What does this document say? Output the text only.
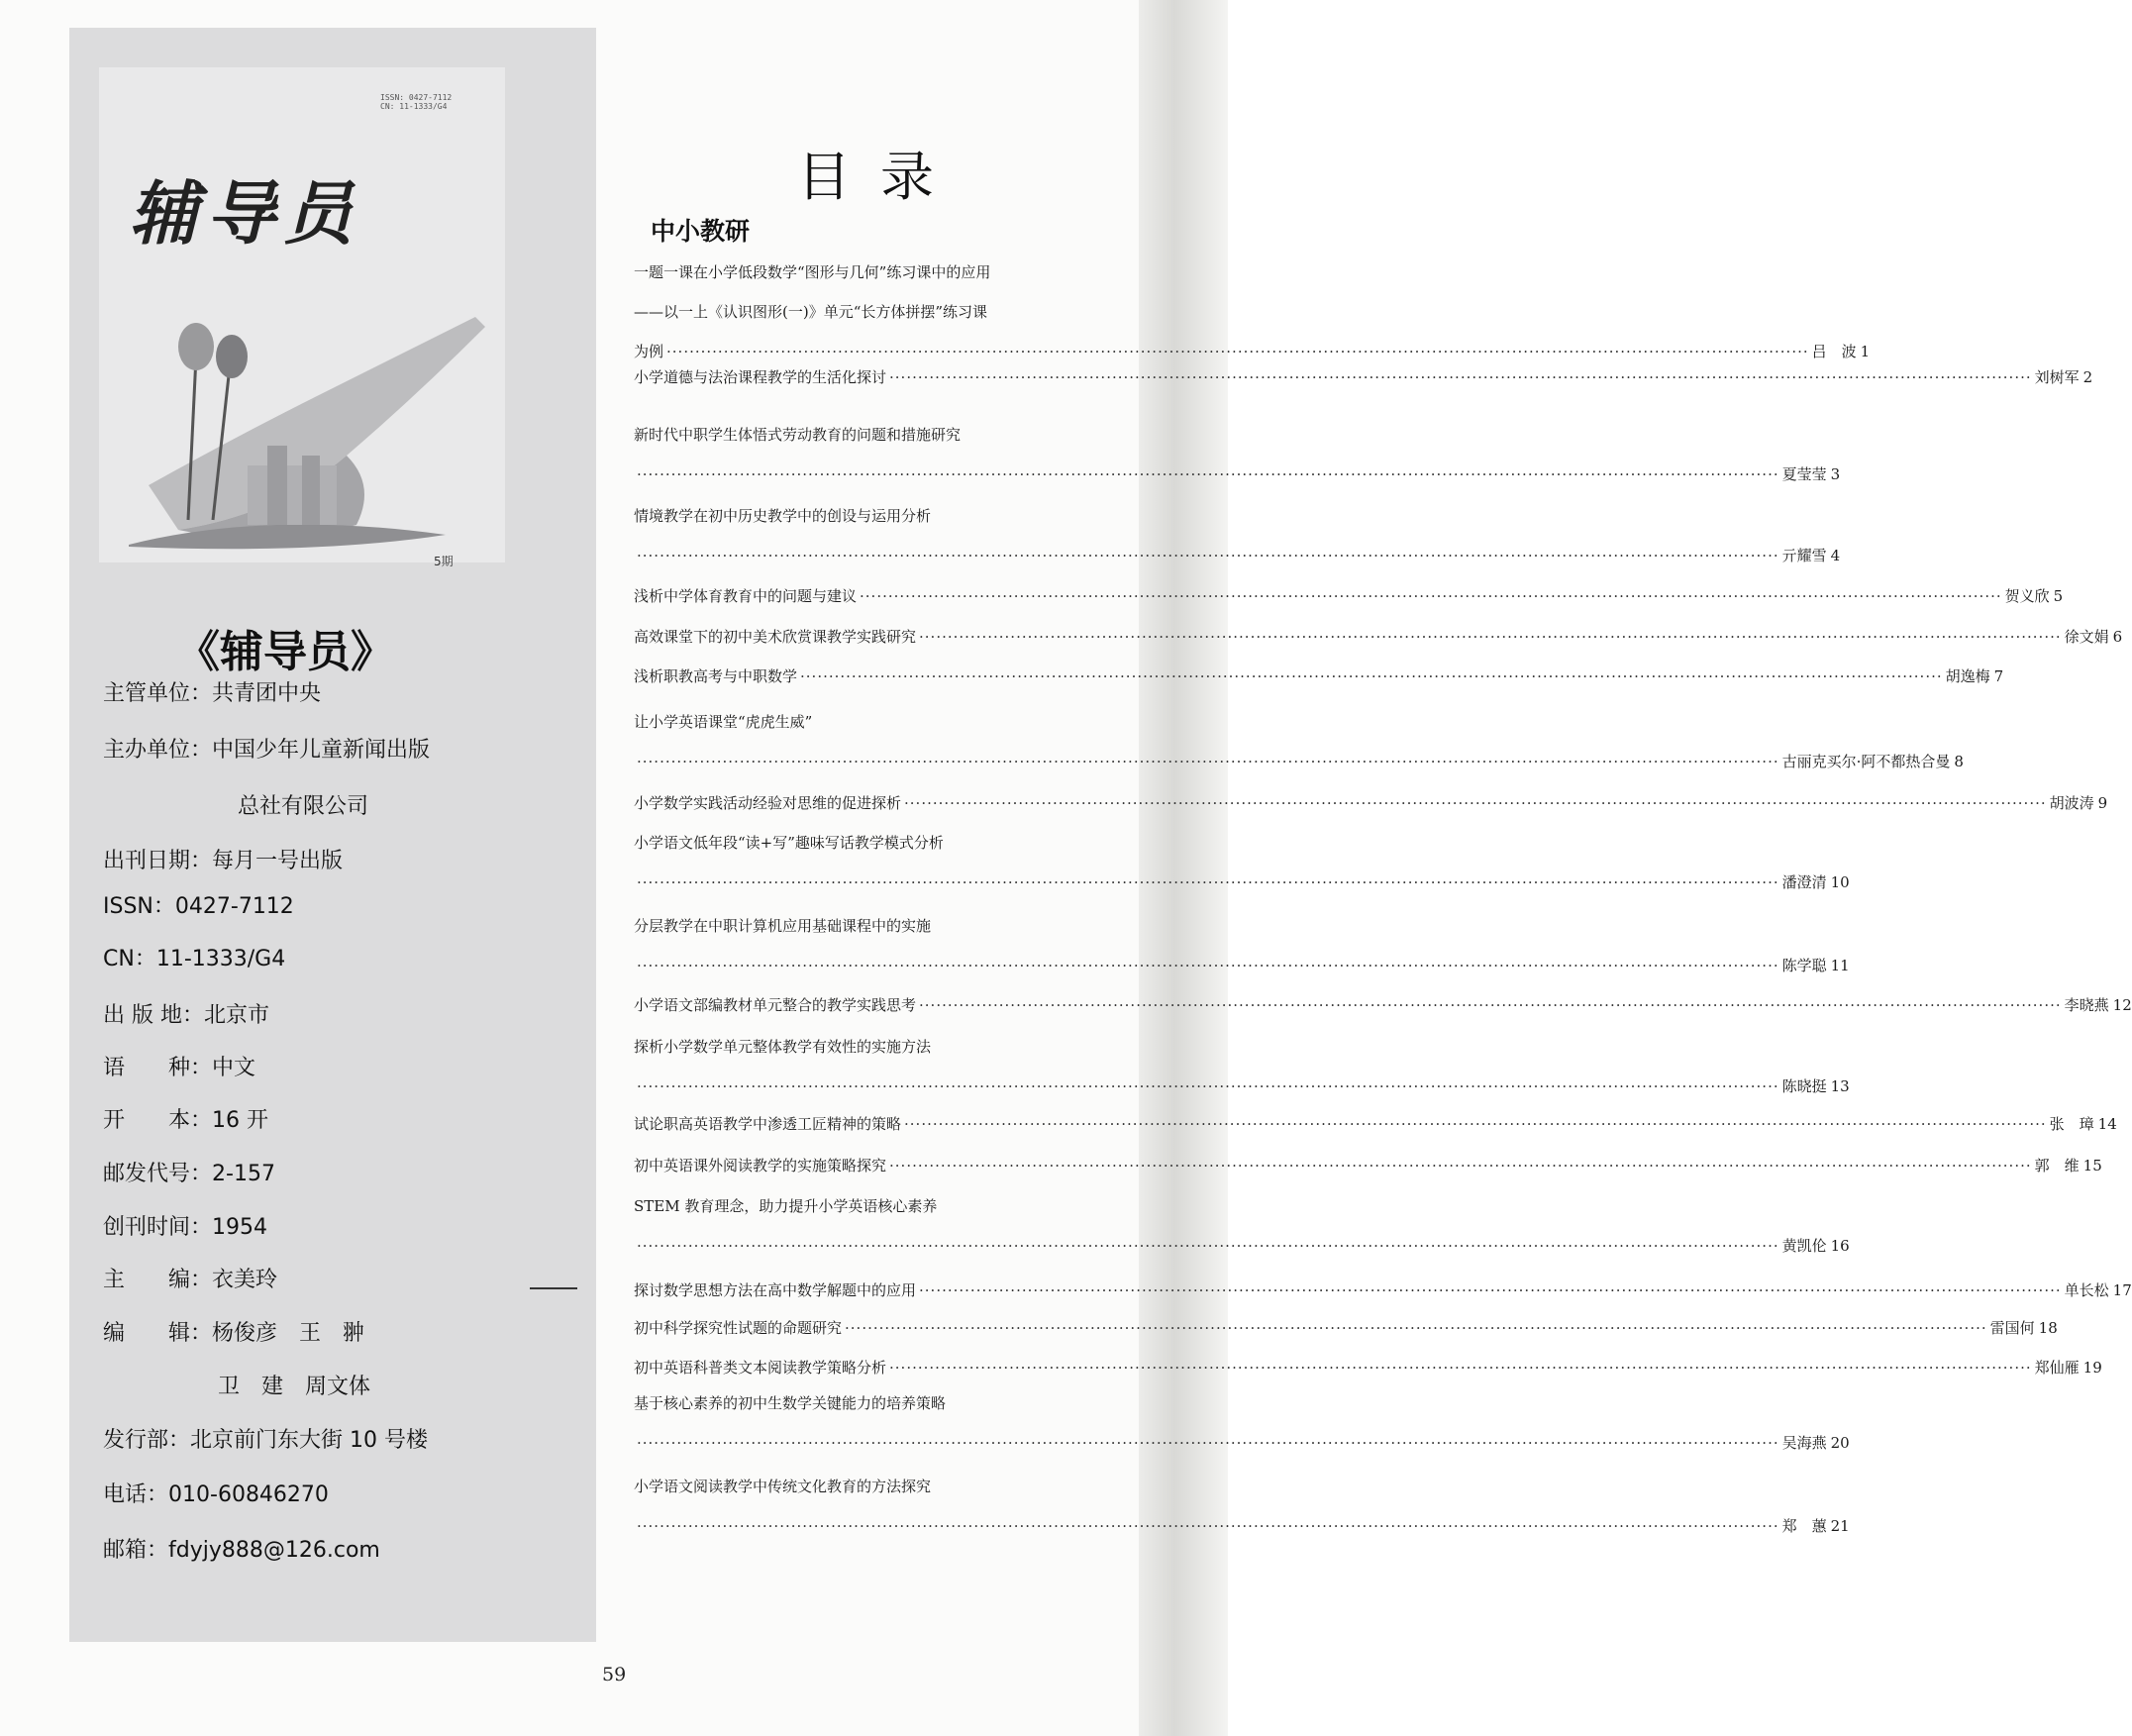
ISSN: 0427-7112
CN: 11-1333/G4
辅导员
5期
《辅导员》
主管单位：共青团中央
主办单位：中国少年儿童新闻出版
总社有限公司
出刊日期：每月一号出版
ISSN：0427-7112
CN：11-1333/G4
出 版 地：北京市
语　　种：中文
开　　本：16 开
邮发代号：2-157
创刊时间：1954
主　　编：衣美玲
编　　辑：杨俊彦　王　翀
卫　建　周文体
发行部：北京前门东大街 10 号楼
电话：010-60846270
邮箱：fdyjy888@126.com
目录
中小教研
一题一课在小学低段数学“图形与几何”练习课中的应用
——以一上《认识图形(一)》单元“长方体拼摆”练习课
为例 ········································································································································································································ 吕　波 1
小学道德与法治课程教学的生活化探讨 ········································································································································································································ 刘树军 2
新时代中职学生体悟式劳动教育的问题和措施研究
········································································································································································································ 夏莹莹 3
情境教学在初中历史教学中的创设与运用分析
········································································································································································································ 亓耀雪 4
浅析中学体育教育中的问题与建议 ········································································································································································································ 贺义欣 5
高效课堂下的初中美术欣赏课教学实践研究 ········································································································································································································ 徐文娟 6
浅析职教高考与中职数学 ········································································································································································································ 胡逸梅 7
让小学英语课堂“虎虎生威”
········································································································································································································ 古丽克买尔·阿不都热合曼 8
小学数学实践活动经验对思维的促进探析 ········································································································································································································ 胡波涛 9
小学语文低年段“读+写”趣味写话教学模式分析
········································································································································································································ 潘澄清 10
分层教学在中职计算机应用基础课程中的实施
········································································································································································································ 陈学聪 11
小学语文部编教材单元整合的教学实践思考 ········································································································································································································ 李晓燕 12
探析小学数学单元整体教学有效性的实施方法
········································································································································································································ 陈晓挺 13
试论职高英语教学中渗透工匠精神的策略 ········································································································································································································ 张　璋 14
初中英语课外阅读教学的实施策略探究 ········································································································································································································ 郭　维 15
STEM 教育理念，助力提升小学英语核心素养
········································································································································································································ 黄凯伦 16
探讨数学思想方法在高中数学解题中的应用 ········································································································································································································ 单长松 17
初中科学探究性试题的命题研究 ········································································································································································································ 雷国何 18
初中英语科普类文本阅读教学策略分析 ········································································································································································································ 郑仙雁 19
基于核心素养的初中生数学关键能力的培养策略
········································································································································································································ 吴海燕 20
小学语文阅读教学中传统文化教育的方法探究
········································································································································································································ 郑　蕙 21
59
